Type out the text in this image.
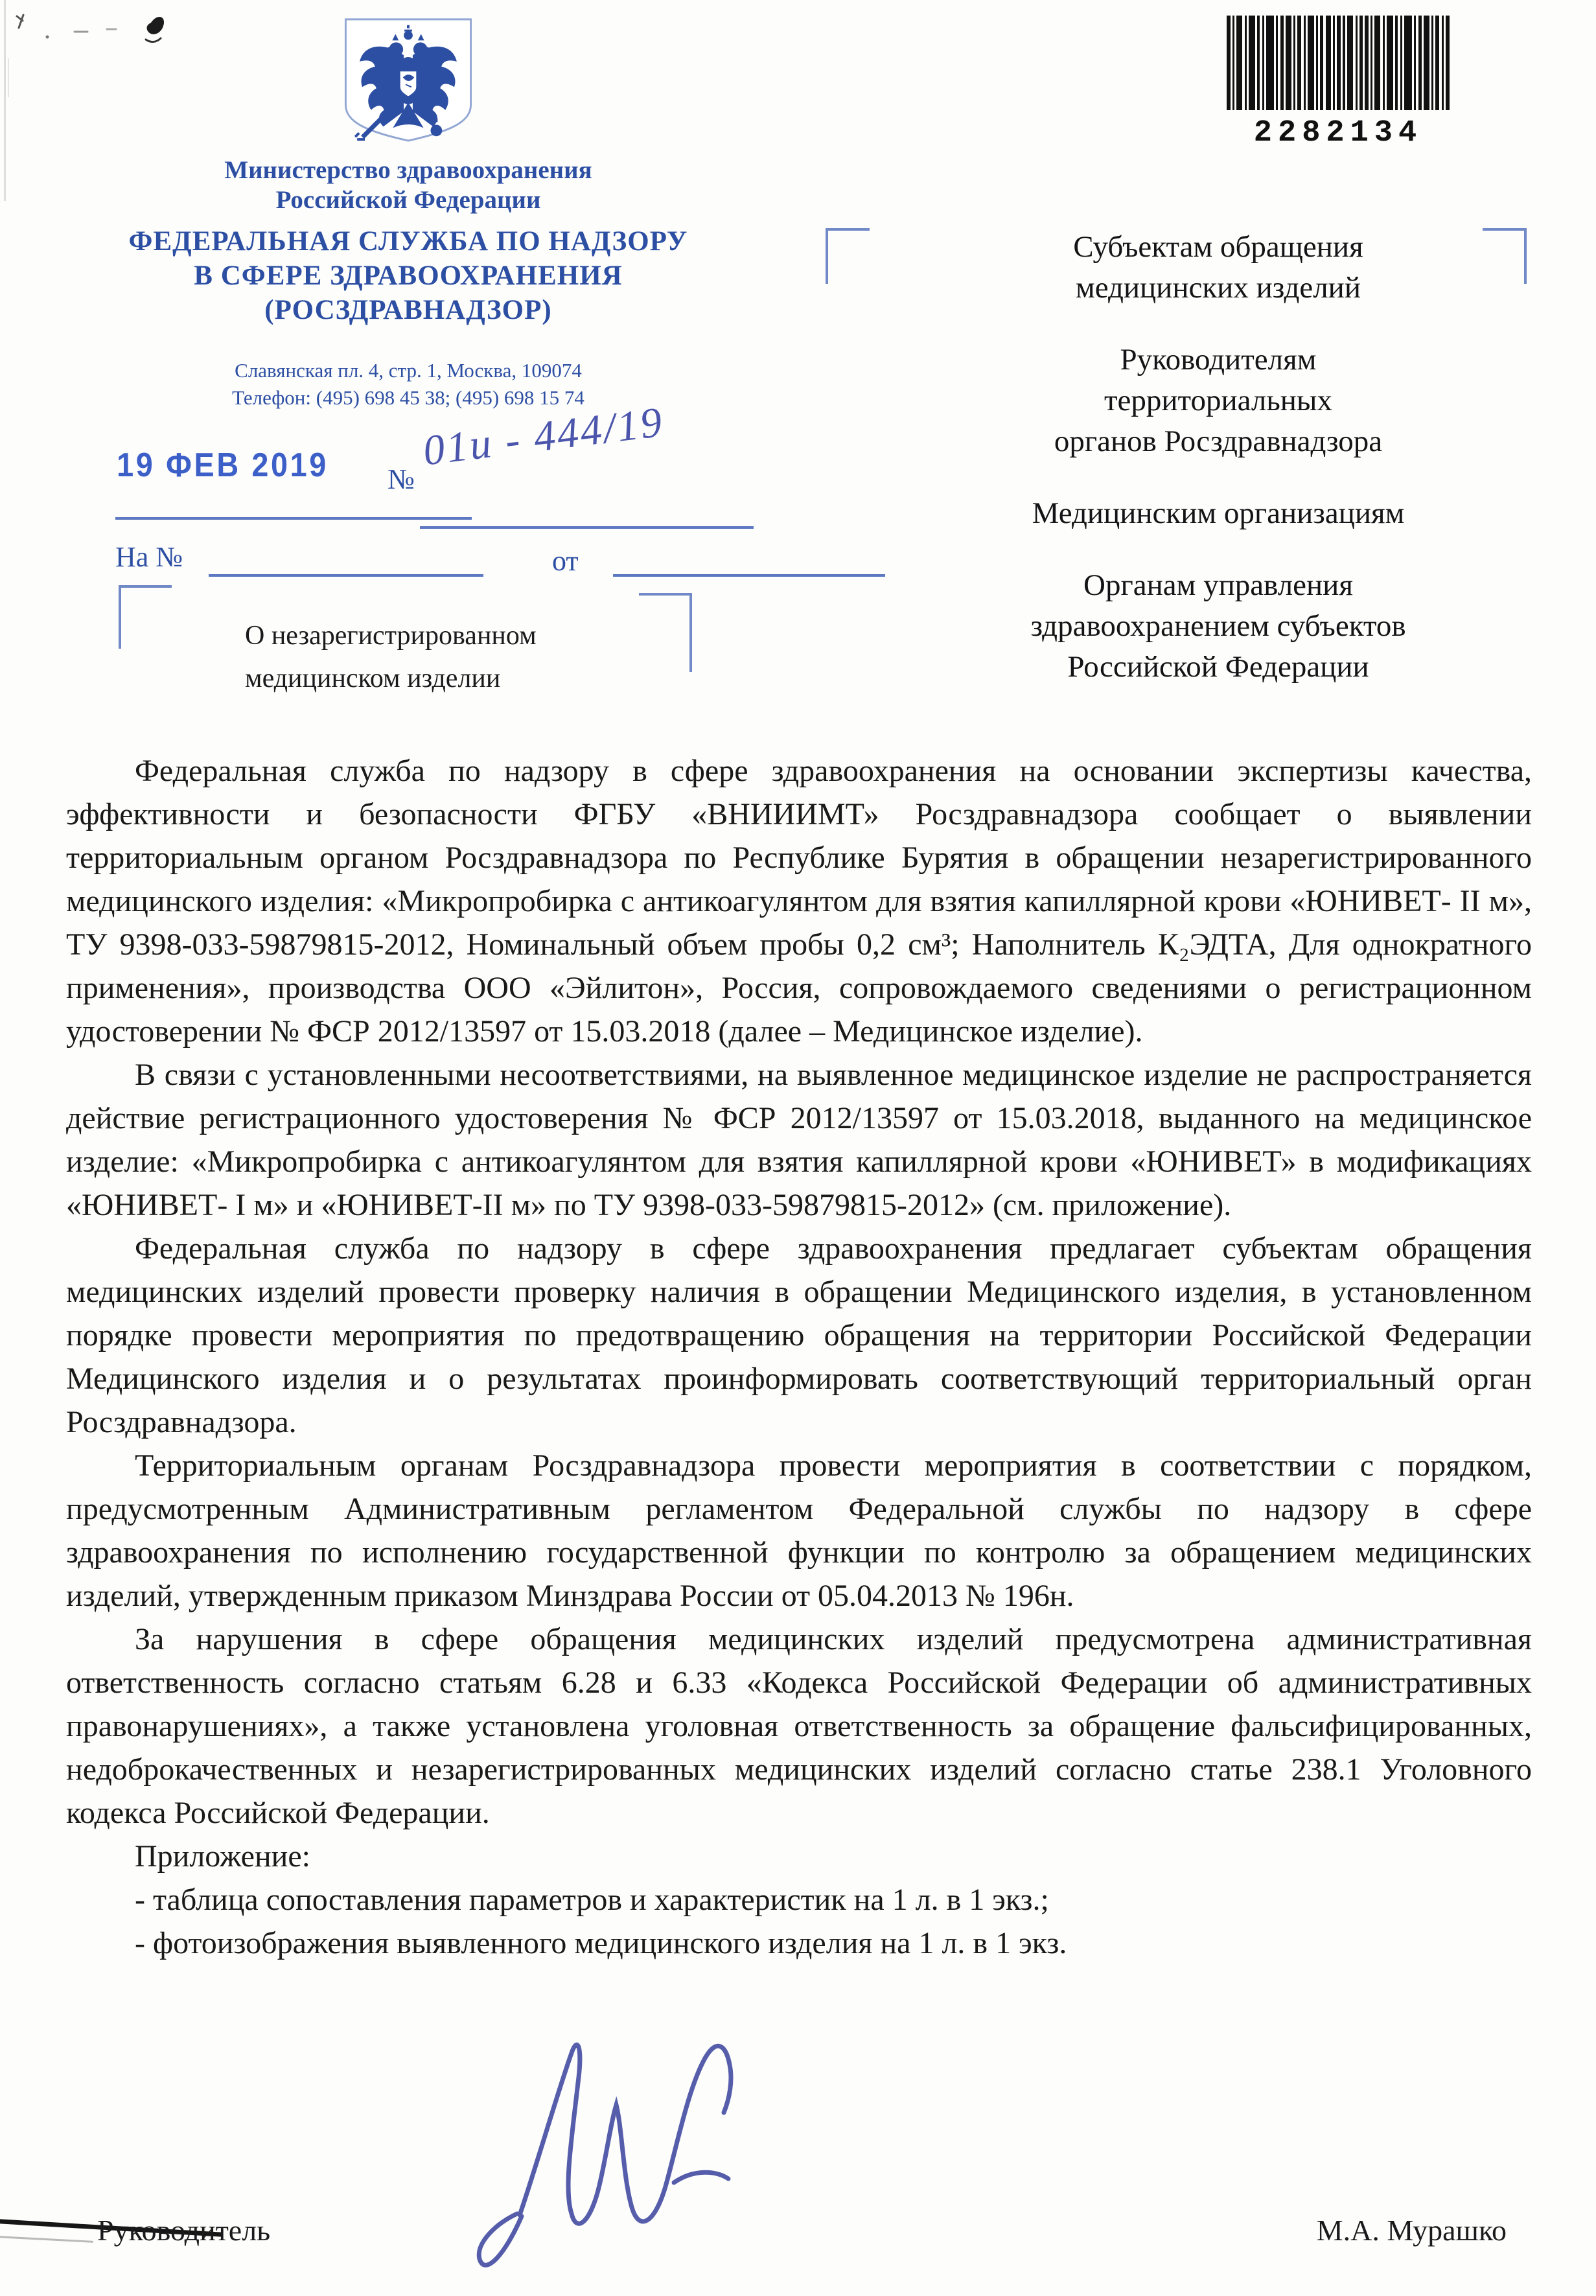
Министерство здравоохранения
Российской Федерации
ФЕДЕРАЛЬНАЯ СЛУЖБА ПО НАДЗОРУ
В СФЕРЕ ЗДРАВООХРАНЕНИЯ
(РОСЗДРАВНАДЗОР)
Славянская пл. 4, стр. 1, Москва, 109074
Телефон: (495) 698 45 38; (495) 698 15 74
2282134
19 ФЕВ 2019	№
01и - 444/19
На №	от
О незарегистрированном
медицинском изделии
Субъектам обращения
медицинских изделий
Руководителям
территориальных
органов Росздравнадзора
Медицинским организациям
Органам управления
здравоохранением субъектов
Российской Федерации

Федеральная служба по надзору в сфере здравоохранения на основании экспертизы качества, эффективности и безопасности ФГБУ «ВНИИИМТ» Росздравнадзора сообщает о выявлении территориальным органом Росздравнадзора по Республике Бурятия в обращении незарегистрированного медицинского изделия: «Микропробирка с антикоагулянтом для взятия капиллярной крови «ЮНИВЕТ- II м», ТУ 9398-033-59879815-2012, Номинальный объем пробы 0,2 см³; Наполнитель К₂ЭДТА, Для однократного применения», производства ООО «Эйлитон», Россия, сопровождаемого сведениями о регистрационном удостоверении № ФСР 2012/13597 от 15.03.2018 (далее – Медицинское изделие).

В связи с установленными несоответствиями, на выявленное медицинское изделие не распространяется действие регистрационного удостоверения № ФСР 2012/13597 от 15.03.2018, выданного на медицинское изделие: «Микропробирка с антикоагулянтом для взятия капиллярной крови «ЮНИВЕТ» в модификациях «ЮНИВЕТ- I м» и «ЮНИВЕТ-II м» по ТУ 9398-033-59879815-2012» (см. приложение).

Федеральная служба по надзору в сфере здравоохранения предлагает субъектам обращения медицинских изделий провести проверку наличия в обращении Медицинского изделия, в установленном порядке провести мероприятия по предотвращению обращения на территории Российской Федерации Медицинского изделия и о результатах проинформировать соответствующий территориальный орган Росздравнадзора.

Территориальным органам Росздравнадзора провести мероприятия в соответствии с порядком, предусмотренным Административным регламентом Федеральной службы по надзору в сфере здравоохранения по исполнению государственной функции по контролю за обращением медицинских изделий, утвержденным приказом Минздрава России от 05.04.2013 № 196н.

За нарушения в сфере обращения медицинских изделий предусмотрена административная ответственность согласно статьям 6.28 и 6.33 «Кодекса Российской Федерации об административных правонарушениях», а также установлена уголовная ответственность за обращение фальсифицированных, недоброкачественных и незарегистрированных медицинских изделий согласно статье 238.1 Уголовного кодекса Российской Федерации.

Приложение:
- таблица сопоставления параметров и характеристик на 1 л. в 1 экз.;
- фотоизображения выявленного медицинского изделия на 1 л. в 1 экз.
Руководитель	М.А. Мурашко
